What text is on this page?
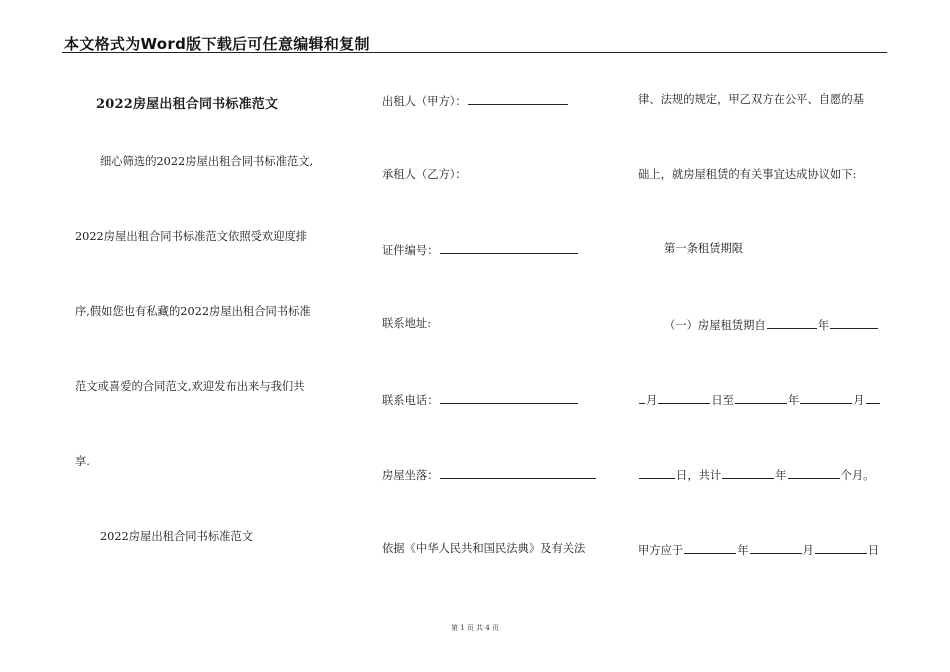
本文格式为Word版下载后可任意编辑和复制
2022房屋出租合同书标准范文
细心筛选的2022房屋出租合同书标准范文,
2022房屋出租合同书标准范文依照受欢迎度排
序,假如您也有私藏的2022房屋出租合同书标准
范文或喜爱的合同范文,欢迎发布出来与我们共
享.
2022房屋出租合同书标准范文
出租人（甲方）：
承租人（乙方）：
证件编号：
联系地址:
联系电话：
房屋坐落：
依据《中华人民共和国民法典》及有关法
律、法规的规定，甲乙双方在公平、自愿的基
础上，就房屋租赁的有关事宜达成协议如下:
第一条租赁期限
（一）房屋租赁期自	年
月	日至	年	月
日，共计	年	个月。
甲方应于	年	月	日
第 1 页 共 4 页
